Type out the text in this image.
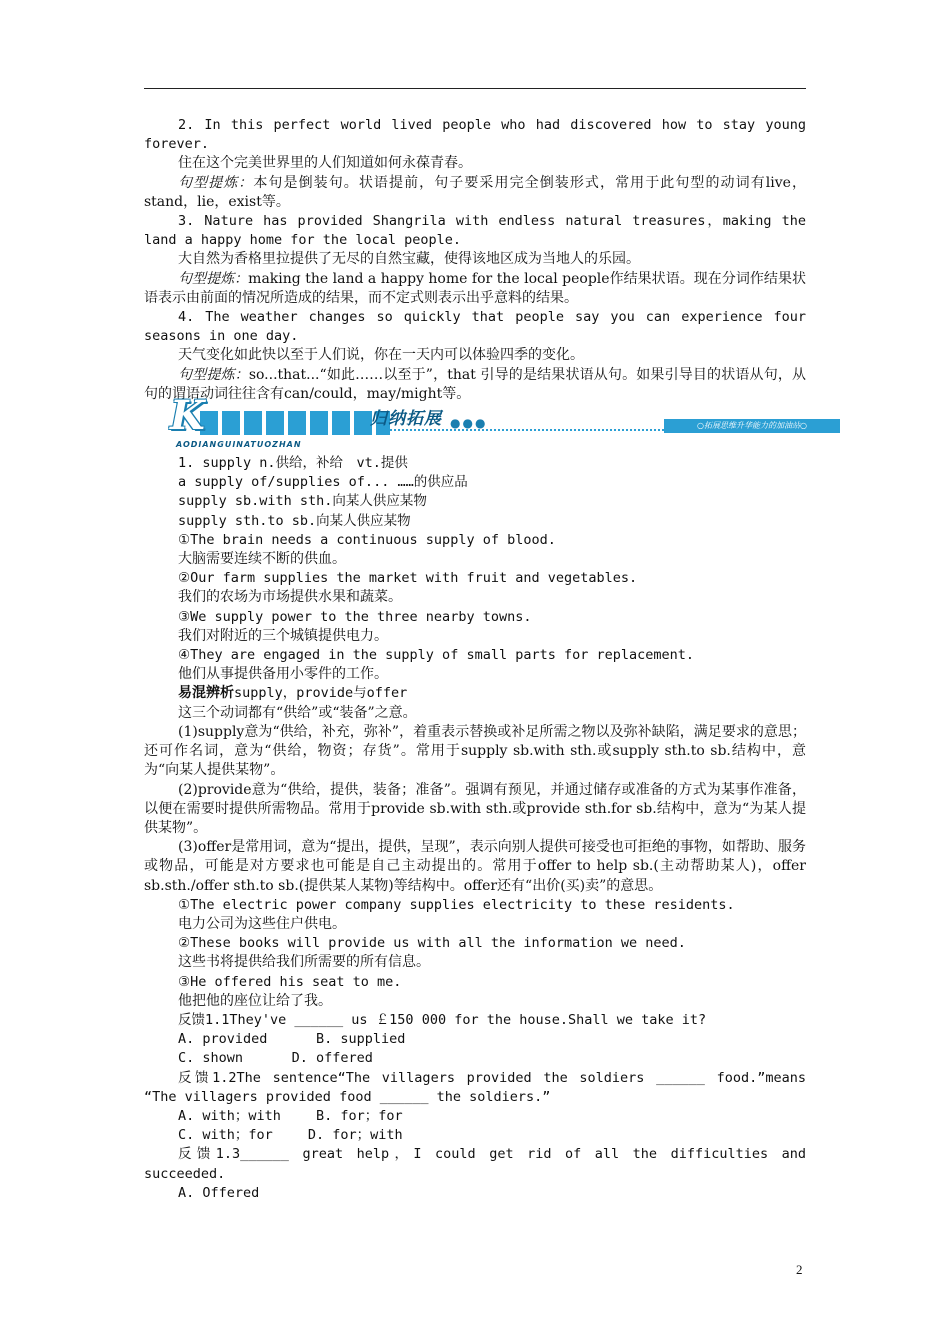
2. In this perfect world lived people who had discovered how to stay young forever.

住在这个完美世界里的人们知道如何永葆青春。

句型提炼：本句是倒装句。状语提前，句子要采用完全倒装形式，常用于此句型的动词有live，stand，lie，exist等。

3. Nature has provided Shangrila with endless natural treasures，making the land a happy home for the local people.

大自然为香格里拉提供了无尽的自然宝藏，使得该地区成为当地人的乐园。

句型提炼：making the land a happy home for the local people作结果状语。现在分词作结果状语表示由前面的情况所造成的结果，而不定式则表示出乎意料的结果。

4. The weather changes so quickly that people say you can experience four seasons in one day.

天气变化如此快以至于人们说，你在一天内可以体验四季的变化。

句型提炼：so...that...“如此……以至于”，that 引导的是结果状语从句。如果引导目的状语从句，从句的谓语动词往往含有can/could，may/might等。

K	归纳拓展 ●●●
AODIANGUINATUOZHAN
○拓展思维升华能力的加油站○

1. supply n.供给，补给　vt.提供

a supply of/supplies of... ……的供应品

supply sb.with sth.向某人供应某物

supply sth.to sb.向某人供应某物

①The brain needs a continuous supply of blood.

大脑需要连续不断的供血。

②Our farm supplies the market with fruit and vegetables.

我们的农场为市场提供水果和蔬菜。

③We supply power to the three nearby towns.

我们对附近的三个城镇提供电力。

④They are engaged in the supply of small parts for replacement.

他们从事提供备用小零件的工作。

易混辨析supply，provide与offer

这三个动词都有“供给”或“装备”之意。

(1)supply意为“供给，补充，弥补”，着重表示替换或补足所需之物以及弥补缺陷，满足要求的意思；还可作名词，意为“供给，物资；存货”。常用于supply sb.with sth.或supply sth.to sb.结构中，意为“向某人提供某物”。

(2)provide意为“供给，提供，装备；准备”。强调有预见，并通过储存或准备的方式为某事作准备，以便在需要时提供所需物品。常用于provide sb.with sth.或provide sth.for sb.结构中，意为“为某人提供某物”。

(3)offer是常用词，意为“提出，提供，呈现”，表示向别人提供可接受也可拒绝的事物，如帮助、服务或物品，可能是对方要求也可能是自己主动提出的。常用于offer to help sb.(主动帮助某人)，offer sb.sth./offer sth.to sb.(提供某人某物)等结构中。offer还有“出价(买)卖”的意思。

①The electric power company supplies electricity to these residents.

电力公司为这些住户供电。

②These books will provide us with all the information we need.

这些书将提供给我们所需要的所有信息。

③He offered his seat to me.

他把他的座位让给了我。

反馈1.1They've ______ us ￡150 000 for the house.Shall we take it?

A. provided　　　 B. supplied

C. shown　　　 D. offered

反馈1.2The sentence“The villagers provided the soldiers ______ food.”means “The villagers provided food ______ the soldiers.”

A. with；with　　 B. for；for

C. with；for　　 D. for；with

反馈1.3______ great help，I could get rid of all the difficulties and succeeded.

A. Offered

2
